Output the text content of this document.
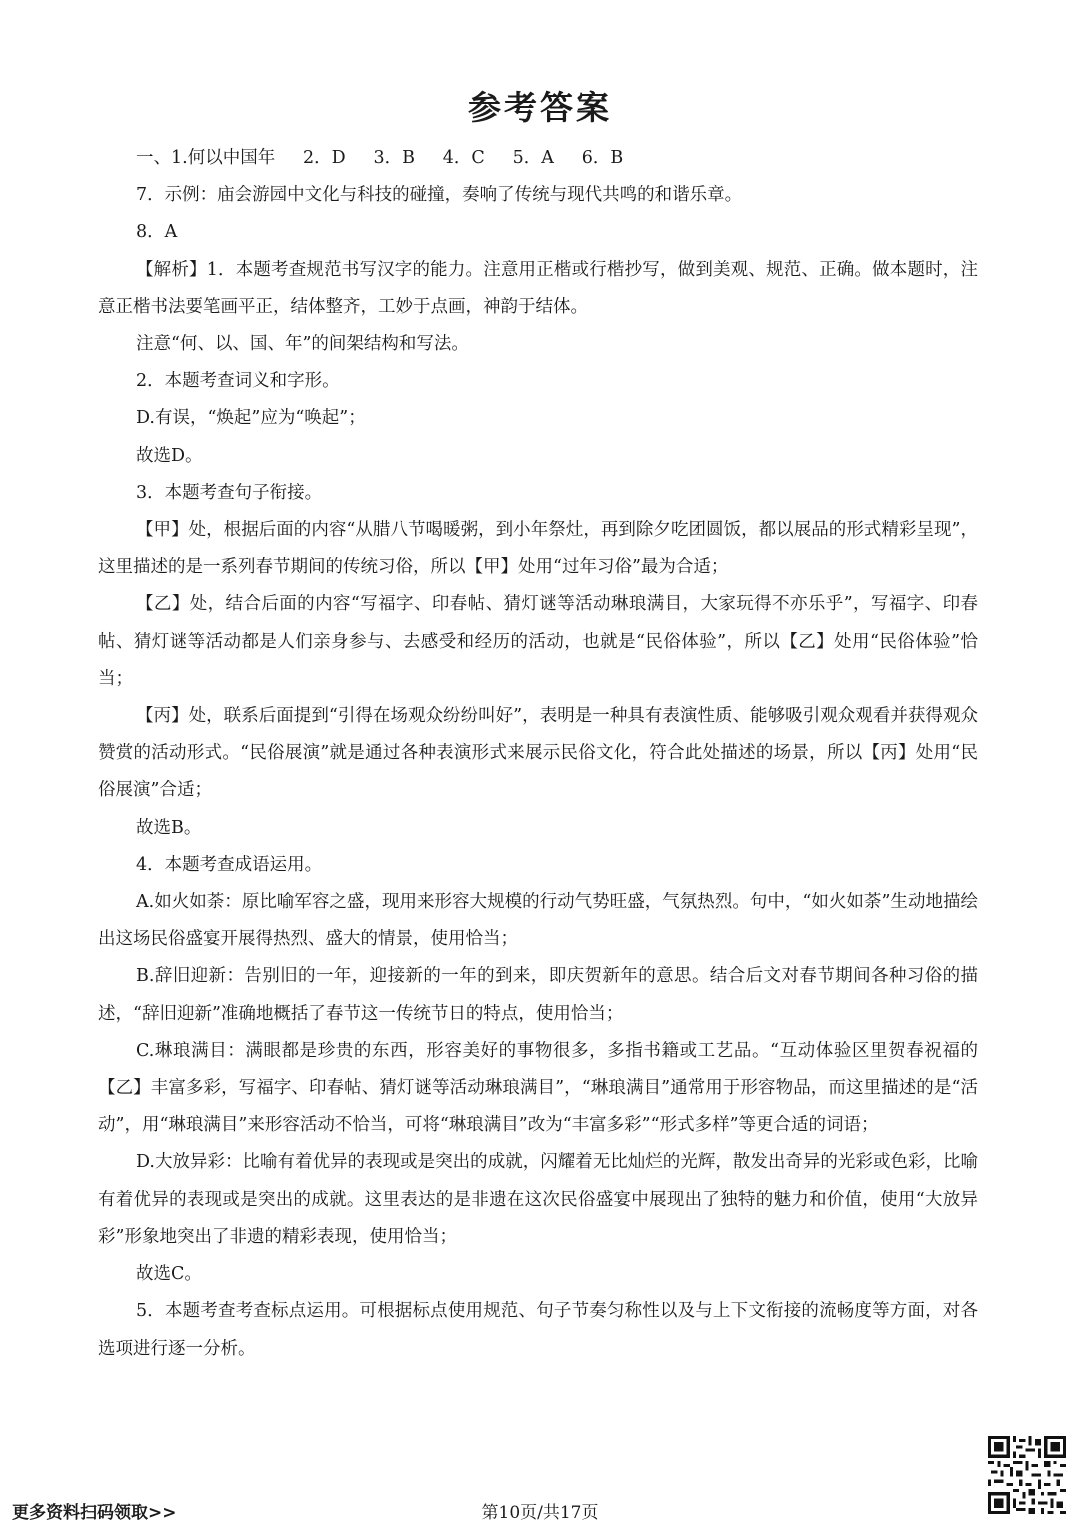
参考答案

一、1.何以中国年     2．D     3．B     4．C     5．A     6．B

7．示例：庙会游园中文化与科技的碰撞，奏响了传统与现代共鸣的和谐乐章。

8．A

【解析】1．本题考查规范书写汉字的能力。注意用正楷或行楷抄写，做到美观、规范、正确。做本题时，注意正楷书法要笔画平正，结体整齐，工妙于点画，神韵于结体。

注意“何、以、国、年”的间架结构和写法。

2．本题考查词义和字形。

D.有误，“焕起”应为“唤起”；

故选D。

3．本题考查句子衔接。

【甲】处，根据后面的内容“从腊八节喝暖粥，到小年祭灶，再到除夕吃团圆饭，都以展品的形式精彩呈现”，这里描述的是一系列春节期间的传统习俗，所以【甲】处用“过年习俗”最为合适；

【乙】处，结合后面的内容“写福字、印春帖、猜灯谜等活动琳琅满目，大家玩得不亦乐乎”，写福字、印春帖、猜灯谜等活动都是人们亲身参与、去感受和经历的活动，也就是“民俗体验”，所以【乙】处用“民俗体验”恰当；

【丙】处，联系后面提到“引得在场观众纷纷叫好”，表明是一种具有表演性质、能够吸引观众观看并获得观众赞赏的活动形式。“民俗展演”就是通过各种表演形式来展示民俗文化，符合此处描述的场景，所以【丙】处用“民俗展演”合适；

故选B。

4．本题考查成语运用。

A.如火如荼：原比喻军容之盛，现用来形容大规模的行动气势旺盛，气氛热烈。句中，“如火如荼”生动地描绘出这场民俗盛宴开展得热烈、盛大的情景，使用恰当；

B.辞旧迎新：告别旧的一年，迎接新的一年的到来，即庆贺新年的意思。结合后文对春节期间各种习俗的描述，“辞旧迎新”准确地概括了春节这一传统节日的特点，使用恰当；

C.琳琅满目：满眼都是珍贵的东西，形容美好的事物很多，多指书籍或工艺品。“互动体验区里贺春祝福的【乙】丰富多彩，写福字、印春帖、猜灯谜等活动琳琅满目”，“琳琅满目”通常用于形容物品，而这里描述的是“活动”，用“琳琅满目”来形容活动不恰当，可将“琳琅满目”改为“丰富多彩”“形式多样”等更合适的词语；

D.大放异彩：比喻有着优异的表现或是突出的成就，闪耀着无比灿烂的光辉，散发出奇异的光彩或色彩，比喻有着优异的表现或是突出的成就。这里表达的是非遗在这次民俗盛宴中展现出了独特的魅力和价值，使用“大放异彩”形象地突出了非遗的精彩表现，使用恰当；

故选C。

5．本题考查考查标点运用。可根据标点使用规范、句子节奏匀称性以及与上下文衔接的流畅度等方面，对各选项进行逐一分析。

更多资料扫码领取>>	第10页/共17页
